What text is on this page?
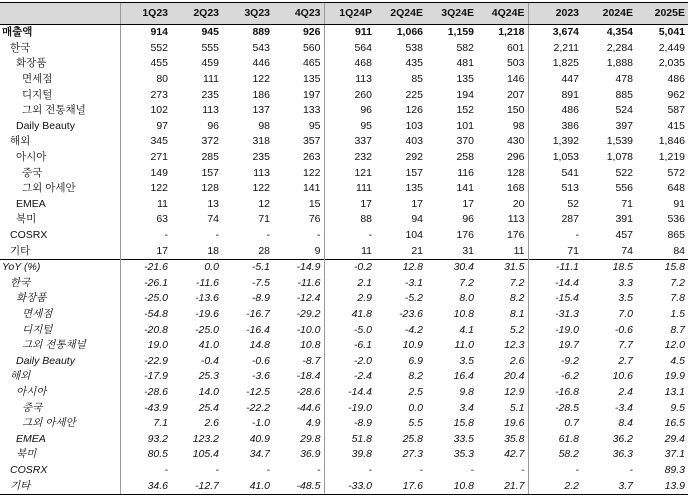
	1Q23	2Q23	3Q23	4Q23	1Q24P	2Q24E	3Q24E	4Q24E	2023	2024E	2025E
매출액	914	945	889	926	911	1,066	1,159	1,218	3,674	4,354	5,041
한국	552	555	543	560	564	538	582	601	2,211	2,284	2,449
화장품	455	459	446	465	468	435	481	503	1,825	1,888	2,035
면세점	80	111	122	135	113	85	135	146	447	478	486
디지털	273	235	186	197	260	225	194	207	891	885	962
그외 전통채널	102	113	137	133	96	126	152	150	486	524	587
Daily Beauty	97	96	98	95	95	103	101	98	386	397	415
해외	345	372	318	357	337	403	370	430	1,392	1,539	1,846
아시아	271	285	235	263	232	292	258	296	1,053	1,078	1,219
중국	149	157	113	122	121	157	116	128	541	522	572
그외 아세안	122	128	122	141	111	135	141	168	513	556	648
EMEA	11	13	12	15	17	17	17	20	52	71	91
북미	63	74	71	76	88	94	96	113	287	391	536
COSRX	-	-	-	-	-	104	176	176	-	457	865
기타	17	18	28	9	11	21	31	11	71	74	84
YoY (%)	-21.6	0.0	-5.1	-14.9	-0.2	12.8	30.4	31.5	-11.1	18.5	15.8
한국	-26.1	-11.6	-7.5	-11.6	2.1	-3.1	7.2	7.2	-14.4	3.3	7.2
화장품	-25.0	-13.6	-8.9	-12.4	2.9	-5.2	8.0	8.2	-15.4	3.5	7.8
면세점	-54.8	-19.6	-16.7	-29.2	41.8	-23.6	10.8	8.1	-31.3	7.0	1.5
디지털	-20.8	-25.0	-16.4	-10.0	-5.0	-4.2	4.1	5.2	-19.0	-0.6	8.7
그외 전통채널	19.0	41.0	14.8	10.8	-6.1	10.9	11.0	12.3	19.7	7.7	12.0
Daily Beauty	-22.9	-0.4	-0.6	-8.7	-2.0	6.9	3.5	2.6	-9.2	2.7	4.5
해외	-17.9	25.3	-3.6	-18.4	-2.4	8.2	16.4	20.4	-6.2	10.6	19.9
아시아	-28.6	14.0	-12.5	-28.6	-14.4	2.5	9.8	12.9	-16.8	2.4	13.1
중국	-43.9	25.4	-22.2	-44.6	-19.0	0.0	3.4	5.1	-28.5	-3.4	9.5
그외 아세안	7.1	2.6	-1.0	4.9	-8.9	5.5	15.8	19.6	0.7	8.4	16.5
EMEA	93.2	123.2	40.9	29.8	51.8	25.8	33.5	35.8	61.8	36.2	29.4
북미	80.5	105.4	34.7	36.9	39.8	27.3	35.3	42.7	58.2	36.3	37.1
COSRX	-	-	-	-	-	-	-	-	-	-	89.3
기타	34.6	-12.7	41.0	-48.5	-33.0	17.6	10.8	21.7	2.2	3.7	13.9
